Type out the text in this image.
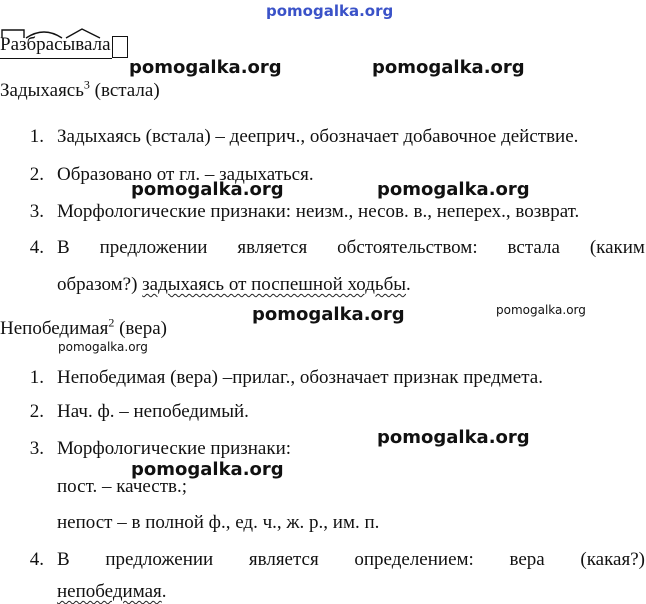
pomogalka.org
pomogalka.org	pomogalka.org
pomogalka.org	pomogalka.org
pomogalka.org	pomogalka.org
pomogalka.org
pomogalka.org
pomogalka.org
Разбрасывала
Задыхаясь$^3$ (встала)
1. Задыхаясь (встала) – дееприч., обозначает добавочное действие.
2. Образовано от гл. – задыхаться.
3. Морфологические признаки: неизм., несов. в., неперех., возврат.
4. В предложении является обстоятельством: встала (каким
образом?) задыхаясь от поспешной ходьбы.
Непобедимая$^2$ (вера)
1. Непобедимая (вера) –прилаг., обозначает признак предмета.
2. Нач. ф. – непобедимый.
3. Морфологические признаки:
пост. – качеств.;
непост – в полной ф., ед. ч., ж. р., им. п.
4. В предложении является определением: вера (какая?)
непобедимая.
